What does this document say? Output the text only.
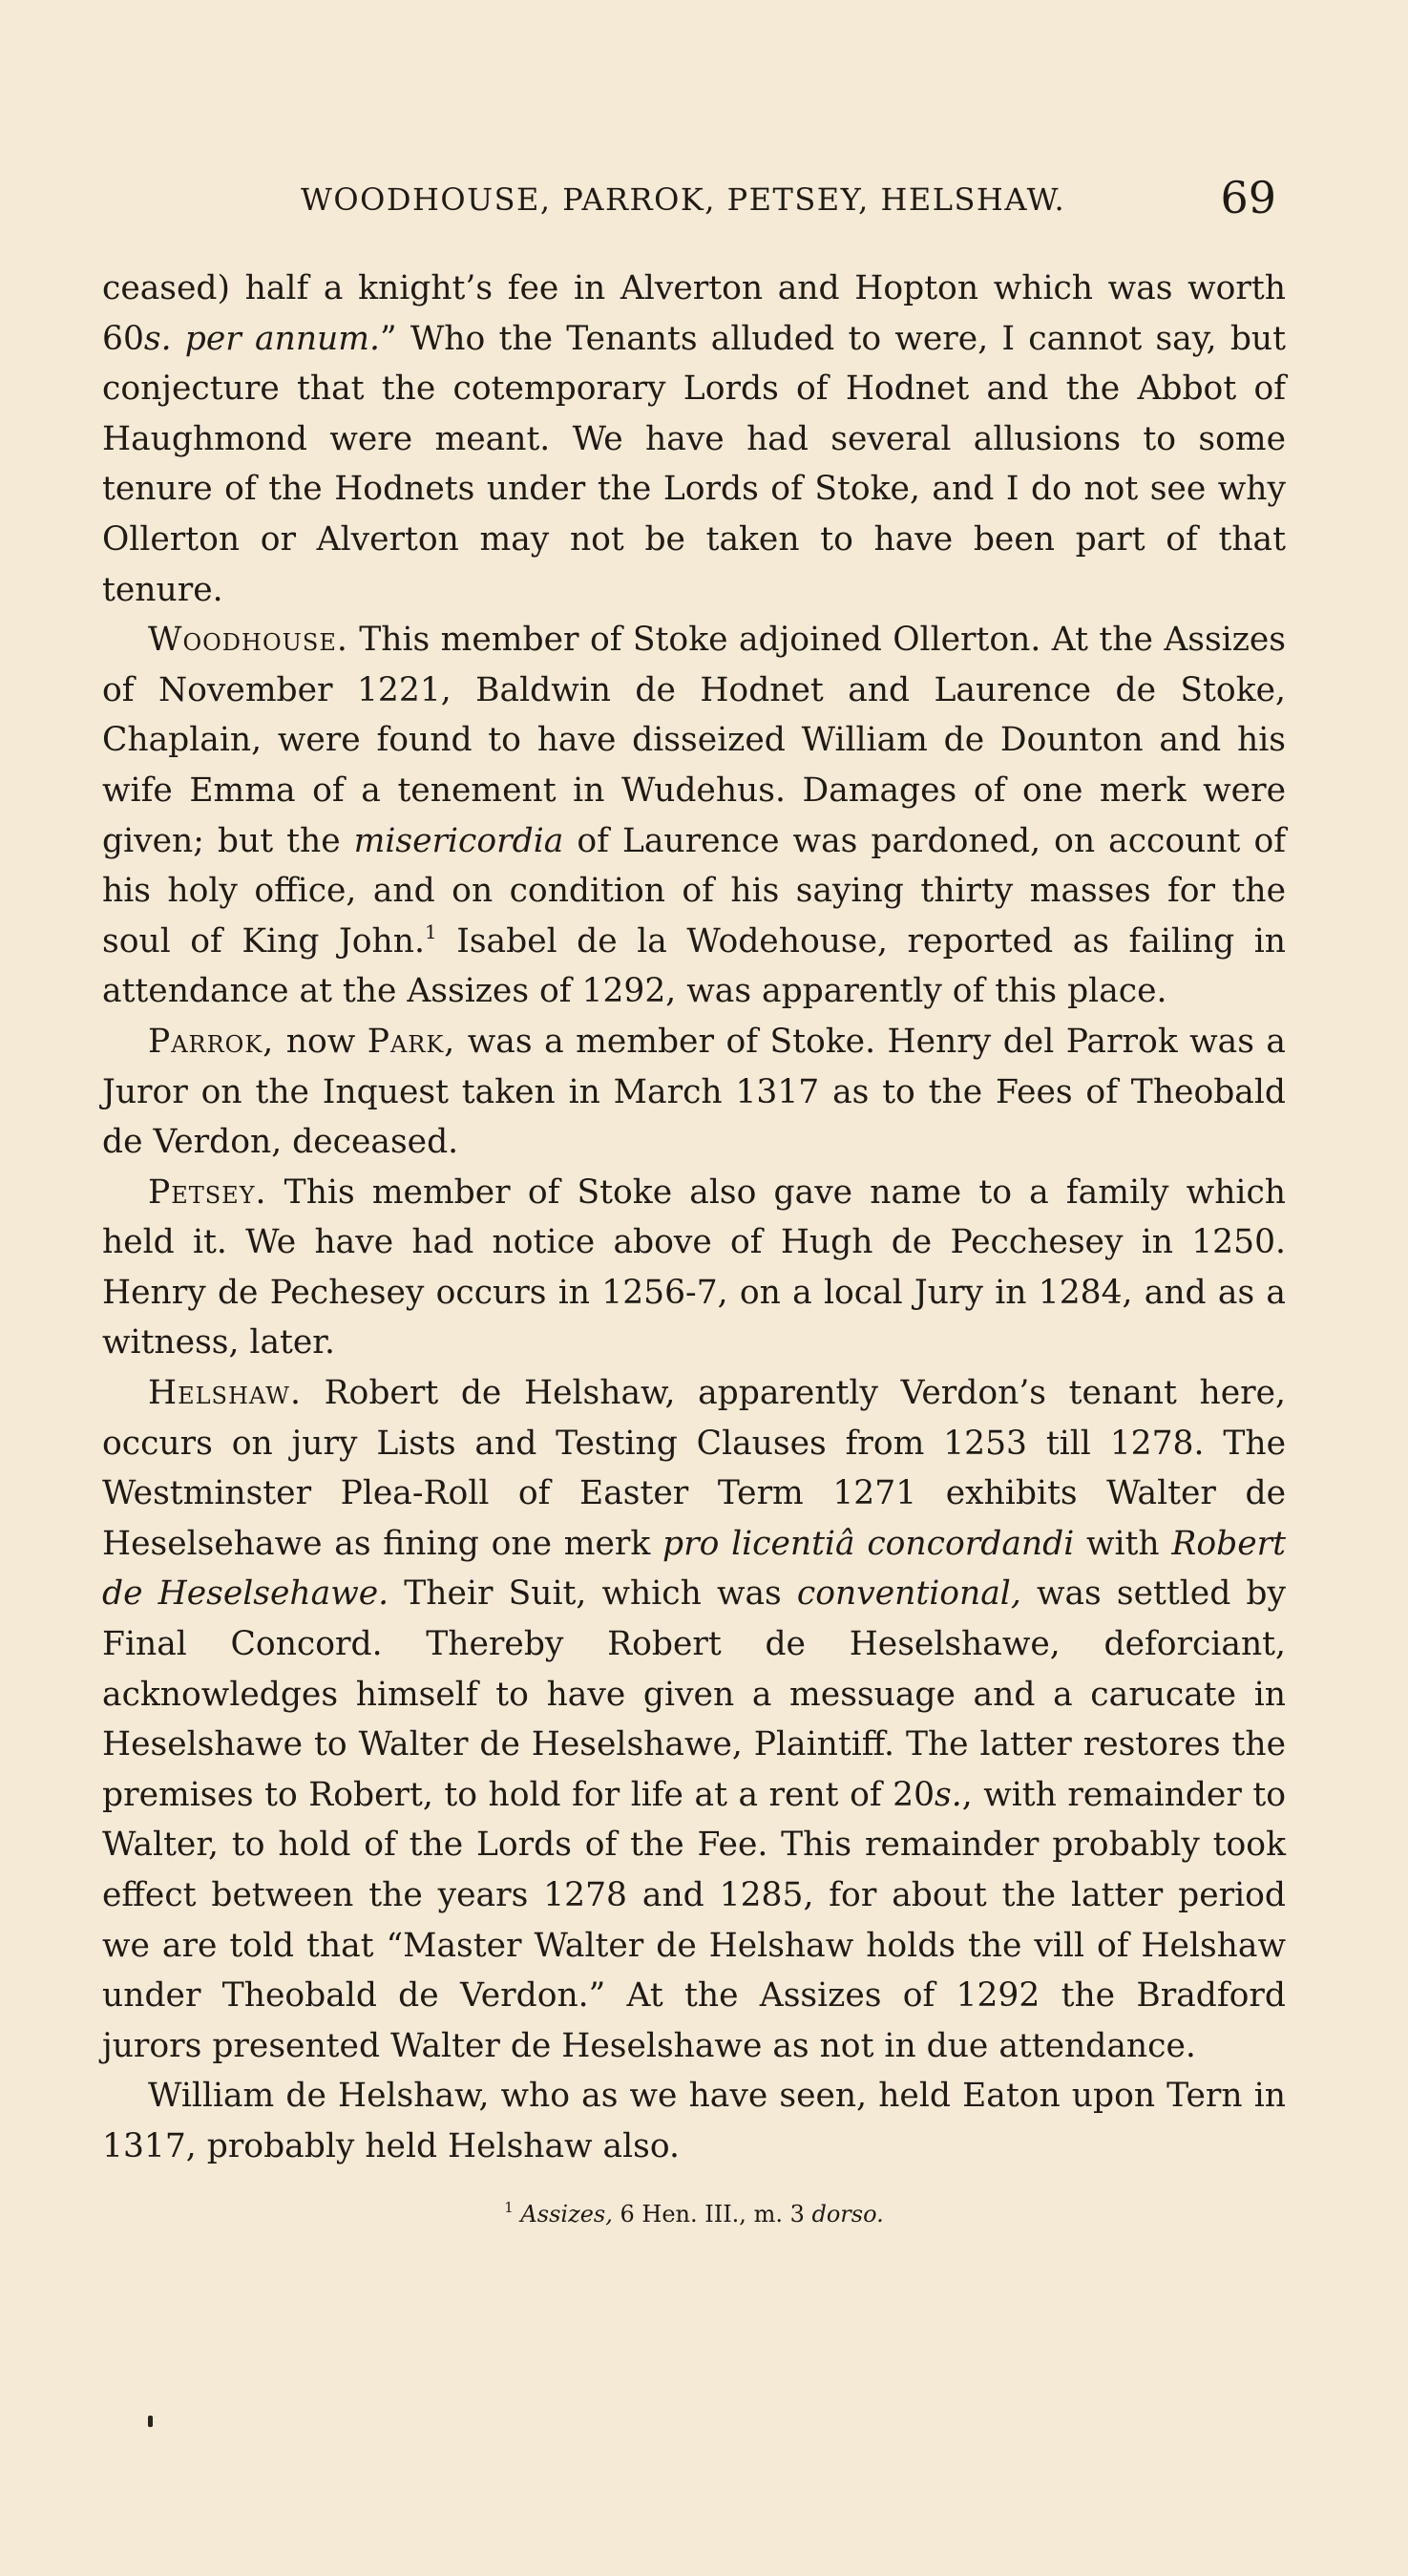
WOODHOUSE, PARROK, PETSEY, HELSHAW.	69

ceased) half a knight’s fee in Alverton and Hopton which was worth 60s. per annum.” Who the Tenants alluded to were, I cannot say, but conjecture that the cotemporary Lords of Hodnet and the Abbot of Haughmond were meant. We have had several allusions to some tenure of the Hodnets under the Lords of Stoke, and I do not see why Ollerton or Alverton may not be taken to have been part of that tenure.

Woodhouse. This member of Stoke adjoined Ollerton. At the Assizes of November 1221, Baldwin de Hodnet and Laurence de Stoke, Chaplain, were found to have disseized William de Dounton and his wife Emma of a tenement in Wudehus. Damages of one merk were given; but the misericordia of Laurence was pardoned, on account of his holy office, and on condition of his saying thirty masses for the soul of King John.$^1$ Isabel de la Wodehouse, reported as failing in attendance at the Assizes of 1292, was apparently of this place.

Parrok, now Park, was a member of Stoke. Henry del Parrok was a Juror on the Inquest taken in March 1317 as to the Fees of Theobald de Verdon, deceased.

Petsey. This member of Stoke also gave name to a family which held it. We have had notice above of Hugh de Pecchesey in 1250. Henry de Pechesey occurs in 1256-7, on a local Jury in 1284, and as a witness, later.

Helshaw. Robert de Helshaw, apparently Verdon’s tenant here, occurs on jury Lists and Testing Clauses from 1253 till 1278. The Westminster Plea-Roll of Easter Term 1271 exhibits Walter de Heselsehawe as fining one merk pro licentiâ concordandi with Robert de Heselsehawe. Their Suit, which was conventional, was settled by Final Concord. Thereby Robert de Heselshawe, deforciant, acknowledges himself to have given a messuage and a carucate in Heselshawe to Walter de Heselshawe, Plaintiff. The latter restores the premises to Robert, to hold for life at a rent of 20s., with remainder to Walter, to hold of the Lords of the Fee. This remainder probably took effect between the years 1278 and 1285, for about the latter period we are told that “Master Walter de Helshaw holds the vill of Helshaw under Theobald de Verdon.” At the Assizes of 1292 the Bradford jurors presented Walter de Heselshawe as not in due attendance.

William de Helshaw, who as we have seen, held Eaton upon Tern in 1317, probably held Helshaw also.

$^1$ Assizes, 6 Hen. III., m. 3 dorso.
